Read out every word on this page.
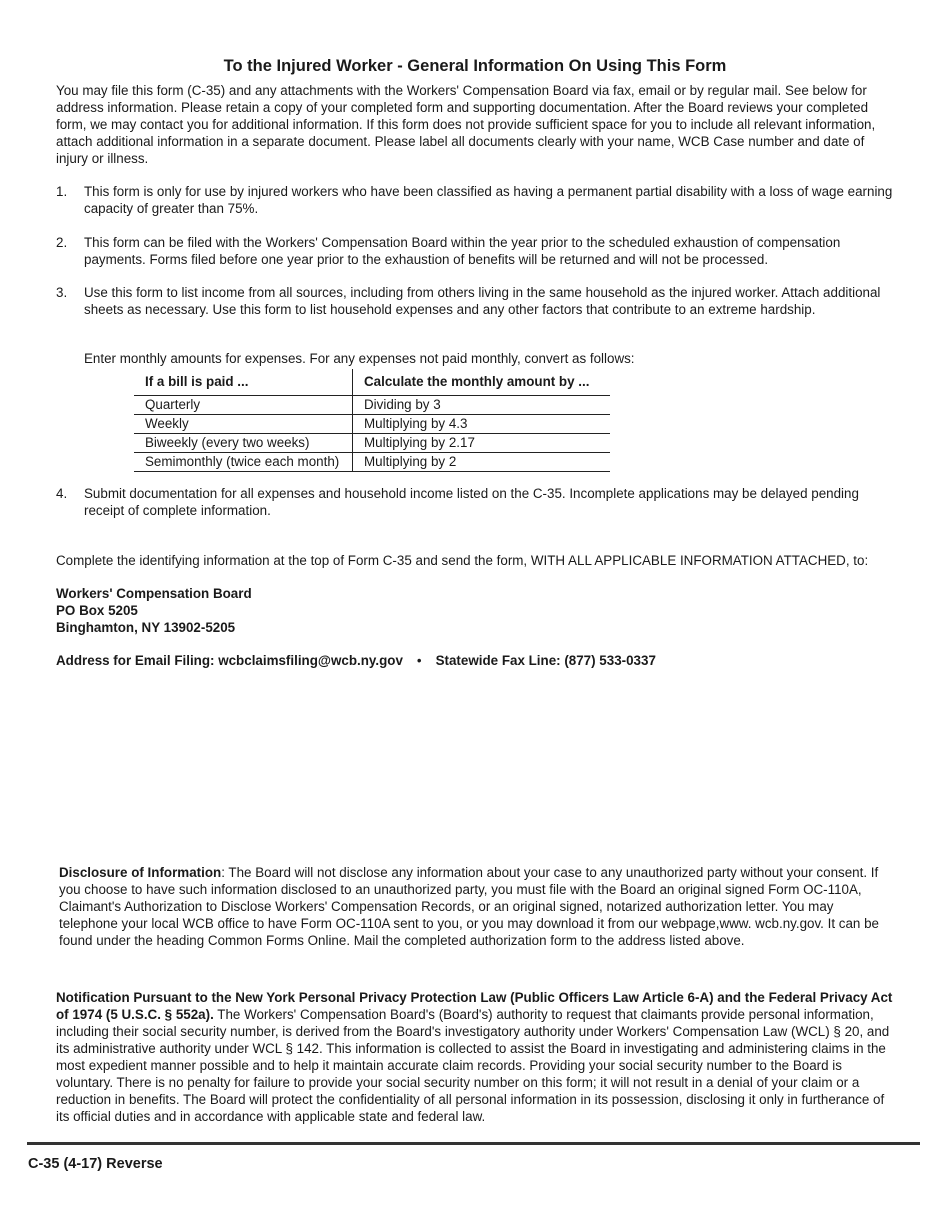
To the Injured Worker - General Information On Using This Form

You may file this form (C-35) and any attachments with the Workers' Compensation Board via fax, email or by regular mail. See below for address information. Please retain a copy of your completed form and supporting documentation. After the Board reviews your completed form, we may contact you for additional information. If this form does not provide sufficient space for you to include all relevant information, attach additional information in a separate document. Please label all documents clearly with your name, WCB Case number and date of injury or illness.

1. This form is only for use by injured workers who have been classified as having a permanent partial disability with a loss of wage earning capacity of greater than 75%.
2. This form can be filed with the Workers' Compensation Board within the year prior to the scheduled exhaustion of compensation payments. Forms filed before one year prior to the exhaustion of benefits will be returned and will not be processed.
3. Use this form to list income from all sources, including from others living in the same household as the injured worker. Attach additional sheets as necessary. Use this form to list household expenses and any other factors that contribute to an extreme hardship.

Enter monthly amounts for expenses. For any expenses not paid monthly, convert as follows:

If a bill is paid ...	Calculate the monthly amount by ...
Quarterly	Dividing by 3
Weekly	Multiplying by 4.3
Biweekly (every two weeks)	Multiplying by 2.17
Semimonthly (twice each month)	Multiplying by 2
4. Submit documentation for all expenses and household income listed on the C-35. Incomplete applications may be delayed pending receipt of complete information.

Complete the identifying information at the top of Form C-35 and send the form, WITH ALL APPLICABLE INFORMATION ATTACHED, to:

Workers' Compensation Board
PO Box 5205
Binghamton, NY 13902-5205
Address for Email Filing: wcbclaimsfiling@wcb.ny.gov • Statewide Fax Line: (877) 533-0337

Disclosure of Information: The Board will not disclose any information about your case to any unauthorized party without your consent. If you choose to have such information disclosed to an unauthorized party, you must file with the Board an original signed Form OC-110A, Claimant's Authorization to Disclose Workers' Compensation Records, or an original signed, notarized authorization letter. You may telephone your local WCB office to have Form OC-110A sent to you, or you may download it from our webpage,www. wcb.ny.gov. It can be found under the heading Common Forms Online. Mail the completed authorization form to the address listed above.

Notification Pursuant to the New York Personal Privacy Protection Law (Public Officers Law Article 6-A) and the Federal Privacy Act of 1974 (5 U.S.C. § 552a). The Workers' Compensation Board's (Board's) authority to request that claimants provide personal information, including their social security number, is derived from the Board's investigatory authority under Workers' Compensation Law (WCL) § 20, and its administrative authority under WCL § 142. This information is collected to assist the Board in investigating and administering claims in the most expedient manner possible and to help it maintain accurate claim records. Providing your social security number to the Board is voluntary. There is no penalty for failure to provide your social security number on this form; it will not result in a denial of your claim or a reduction in benefits. The Board will protect the confidentiality of all personal information in its possession, disclosing it only in furtherance of its official duties and in accordance with applicable state and federal law.

C-35 (4-17) Reverse
